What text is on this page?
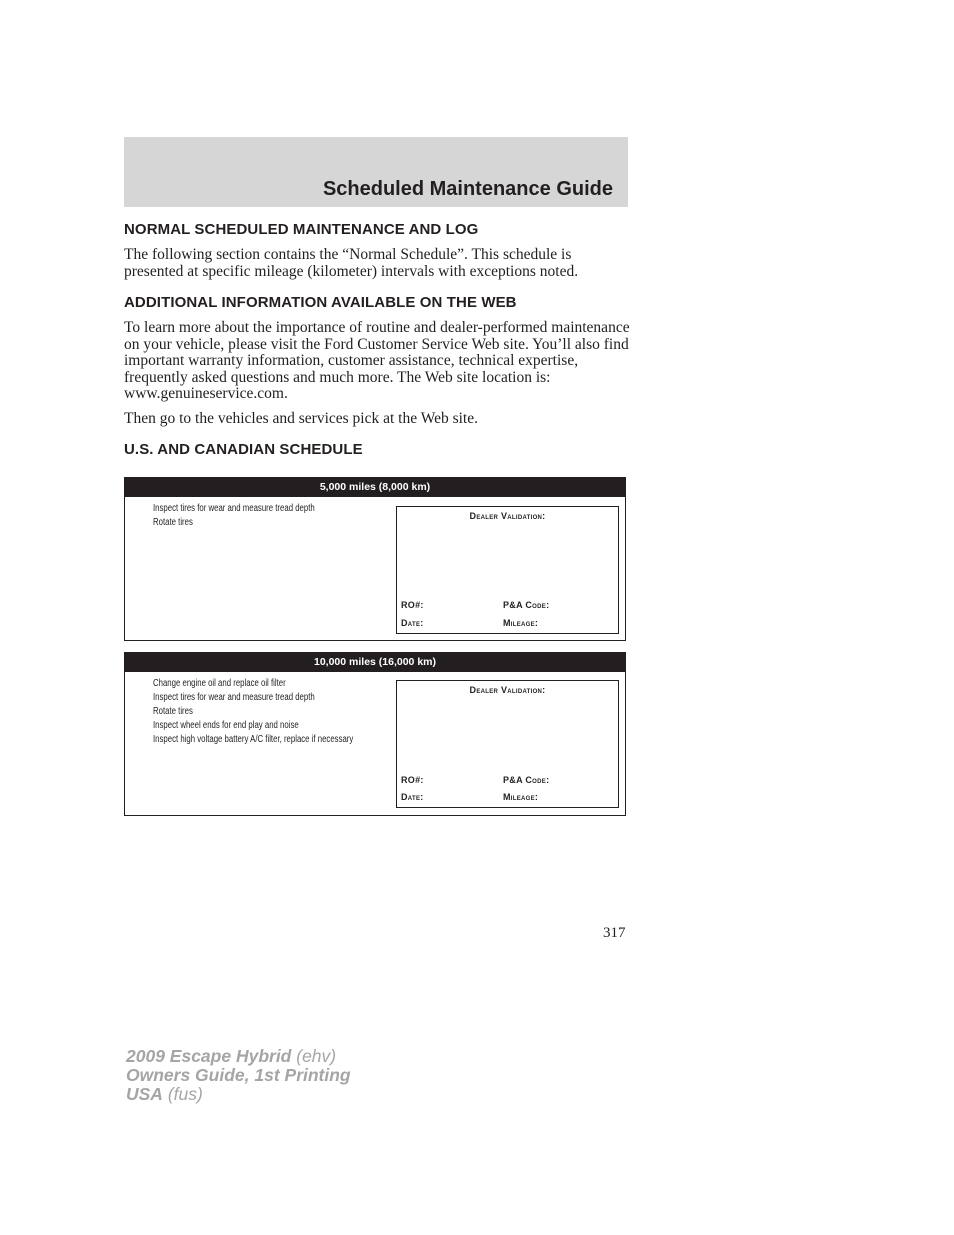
Scheduled Maintenance Guide
NORMAL SCHEDULED MAINTENANCE AND LOG

The following section contains the “Normal Schedule”. This schedule is presented at specific mileage (kilometer) intervals with exceptions noted.

ADDITIONAL INFORMATION AVAILABLE ON THE WEB

To learn more about the importance of routine and dealer-performed maintenance on your vehicle, please visit the Ford Customer Service Web site. You’ll also find important warranty information, customer assistance, technical expertise, frequently asked questions and much more. The Web site location is: www.genuineservice.com.

Then go to the vehicles and services pick at the Web site.

U.S. AND CANADIAN SCHEDULE
5,000 miles (8,000 km)
Inspect tires for wear and measure tread depth
Rotate tires
Dealer Validation:
RO#:	P&A Code:
Date:	Mileage:
10,000 miles (16,000 km)
Change engine oil and replace oil filter
Inspect tires for wear and measure tread depth
Rotate tires
Inspect wheel ends for end play and noise
Inspect high voltage battery A/C filter, replace if necessary
Dealer Validation:
RO#:	P&A Code:
Date:	Mileage:
317
2009 Escape Hybrid (ehv)
Owners Guide, 1st Printing
USA (fus)
